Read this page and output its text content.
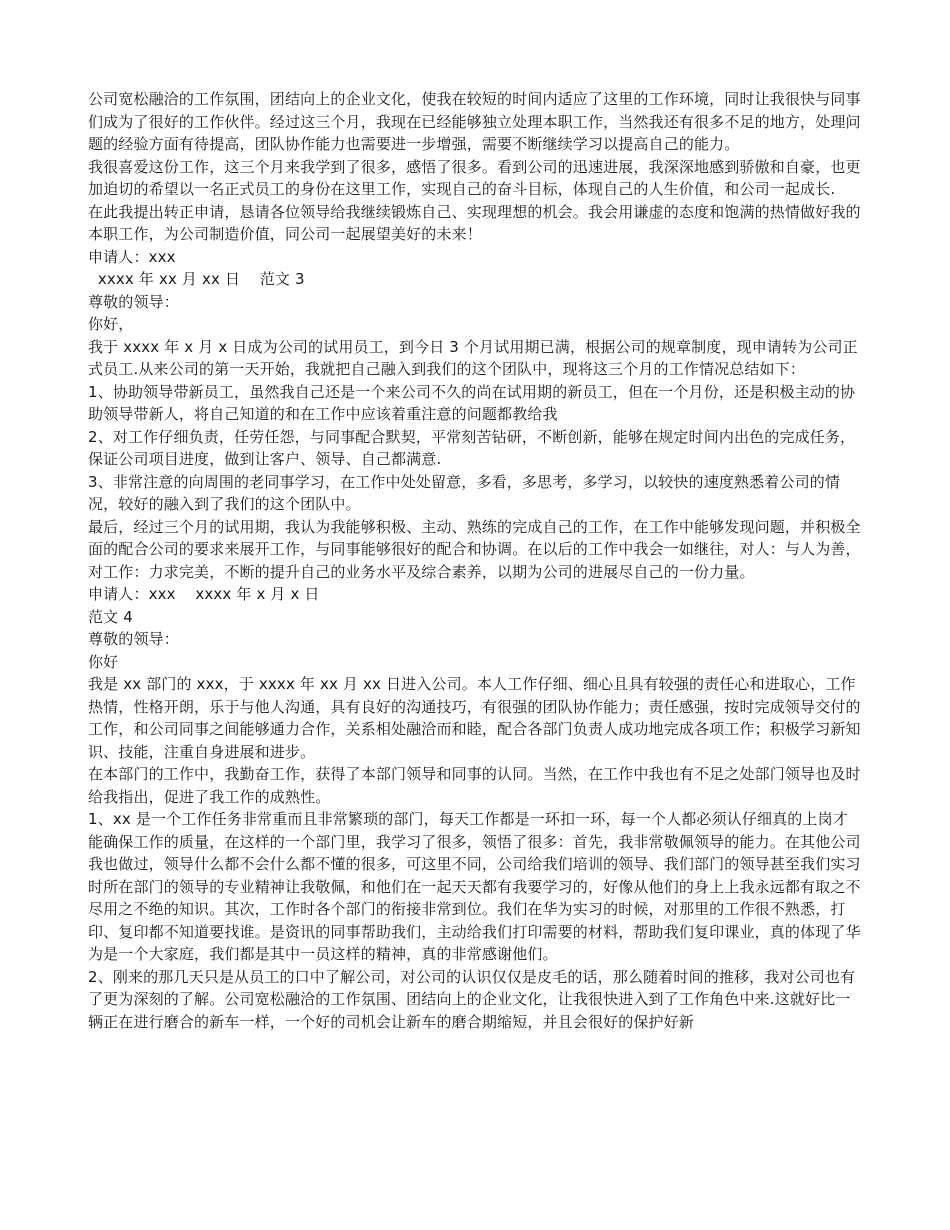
公司宽松融洽的工作氛围，团结向上的企业文化，使我在较短的时间内适应了这里的工作环境，同时让我很快与同事们成为了很好的工作伙伴。经过这三个月，我现在已经能够独立处理本职工作，当然我还有很多不足的地方，处理问题的经验方面有待提高，团队协作能力也需要进一步增强，需要不断继续学习以提高自己的能力。

我很喜爱这份工作，这三个月来我学到了很多，感悟了很多。看到公司的迅速进展，我深深地感到骄傲和自豪，也更加迫切的希望以一名正式员工的身份在这里工作，实现自己的奋斗目标，体现自己的人生价值，和公司一起成长.

在此我提出转正申请，恳请各位领导给我继续锻炼自己、实现理想的机会。我会用谦虚的态度和饱满的热情做好我的本职工作，为公司制造价值，同公司一起展望美好的未来！

申请人：xxx

xxxx 年 xx 月 xx 日    范文 3

尊敬的领导：

你好，

我于 xxxx 年 x 月 x 日成为公司的试用员工，到今日 3 个月试用期已满，根据公司的规章制度，现申请转为公司正式员工.从来公司的第一天开始，我就把自己融入到我们的这个团队中，现将这三个月的工作情况总结如下：

1、协助领导带新员工，虽然我自己还是一个来公司不久的尚在试用期的新员工，但在一个月份，还是积极主动的协助领导带新人，将自己知道的和在工作中应该着重注意的问题都教给我

2、对工作仔细负责，任劳任怨，与同事配合默契，平常刻苦钻研，不断创新，能够在规定时间内出色的完成任务，保证公司项目进度，做到让客户、领导、自己都满意.

3、非常注意的向周围的老同事学习，在工作中处处留意，多看，多思考，多学习，以较快的速度熟悉着公司的情况，较好的融入到了我们的这个团队中。

最后，经过三个月的试用期，我认为我能够积极、主动、熟练的完成自己的工作，在工作中能够发现问题，并积极全面的配合公司的要求来展开工作，与同事能够很好的配合和协调。在以后的工作中我会一如继往，对人：与人为善，对工作：力求完美，不断的提升自己的业务水平及综合素养，以期为公司的进展尽自己的一份力量。

申请人：xxx    xxxx 年 x 月 x 日

范文 4

尊敬的领导：

你好

我是 xx 部门的 xxx，于 xxxx 年 xx 月 xx 日进入公司。本人工作仔细、细心且具有较强的责任心和进取心，工作热情，性格开朗，乐于与他人沟通，具有良好的沟通技巧，有很强的团队协作能力；责任感强，按时完成领导交付的工作，和公司同事之间能够通力合作，关系相处融洽而和睦，配合各部门负责人成功地完成各项工作；积极学习新知识、技能，注重自身进展和进步。

在本部门的工作中，我勤奋工作，获得了本部门领导和同事的认同。当然，在工作中我也有不足之处部门领导也及时给我指出，促进了我工作的成熟性。

1、xx 是一个工作任务非常重而且非常繁琐的部门，每天工作都是一环扣一环，每一个人都必须认仔细真的上岗才能确保工作的质量，在这样的一个部门里，我学习了很多，领悟了很多：首先，我非常敬佩领导的能力。在其他公司我也做过，领导什么都不会什么都不懂的很多，可这里不同，公司给我们培训的领导、我们部门的领导甚至我们实习时所在部门的领导的专业精神让我敬佩，和他们在一起天天都有我要学习的，好像从他们的身上上我永远都有取之不尽用之不绝的知识。其次，工作时各个部门的衔接非常到位。我们在华为实习的时候，对那里的工作很不熟悉，打印、复印都不知道要找谁。是资讯的同事帮助我们，主动给我们打印需要的材料，帮助我们复印课业，真的体现了华为是一个大家庭，我们都是其中一员这样的精神，真的非常感谢他们。

2、刚来的那几天只是从员工的口中了解公司，对公司的认识仅仅是皮毛的话，那么随着时间的推移，我对公司也有了更为深刻的了解。公司宽松融洽的工作氛围、团结向上的企业文化，让我很快进入到了工作角色中来.这就好比一辆正在进行磨合的新车一样，一个好的司机会让新车的磨合期缩短，并且会很好的保护好新
